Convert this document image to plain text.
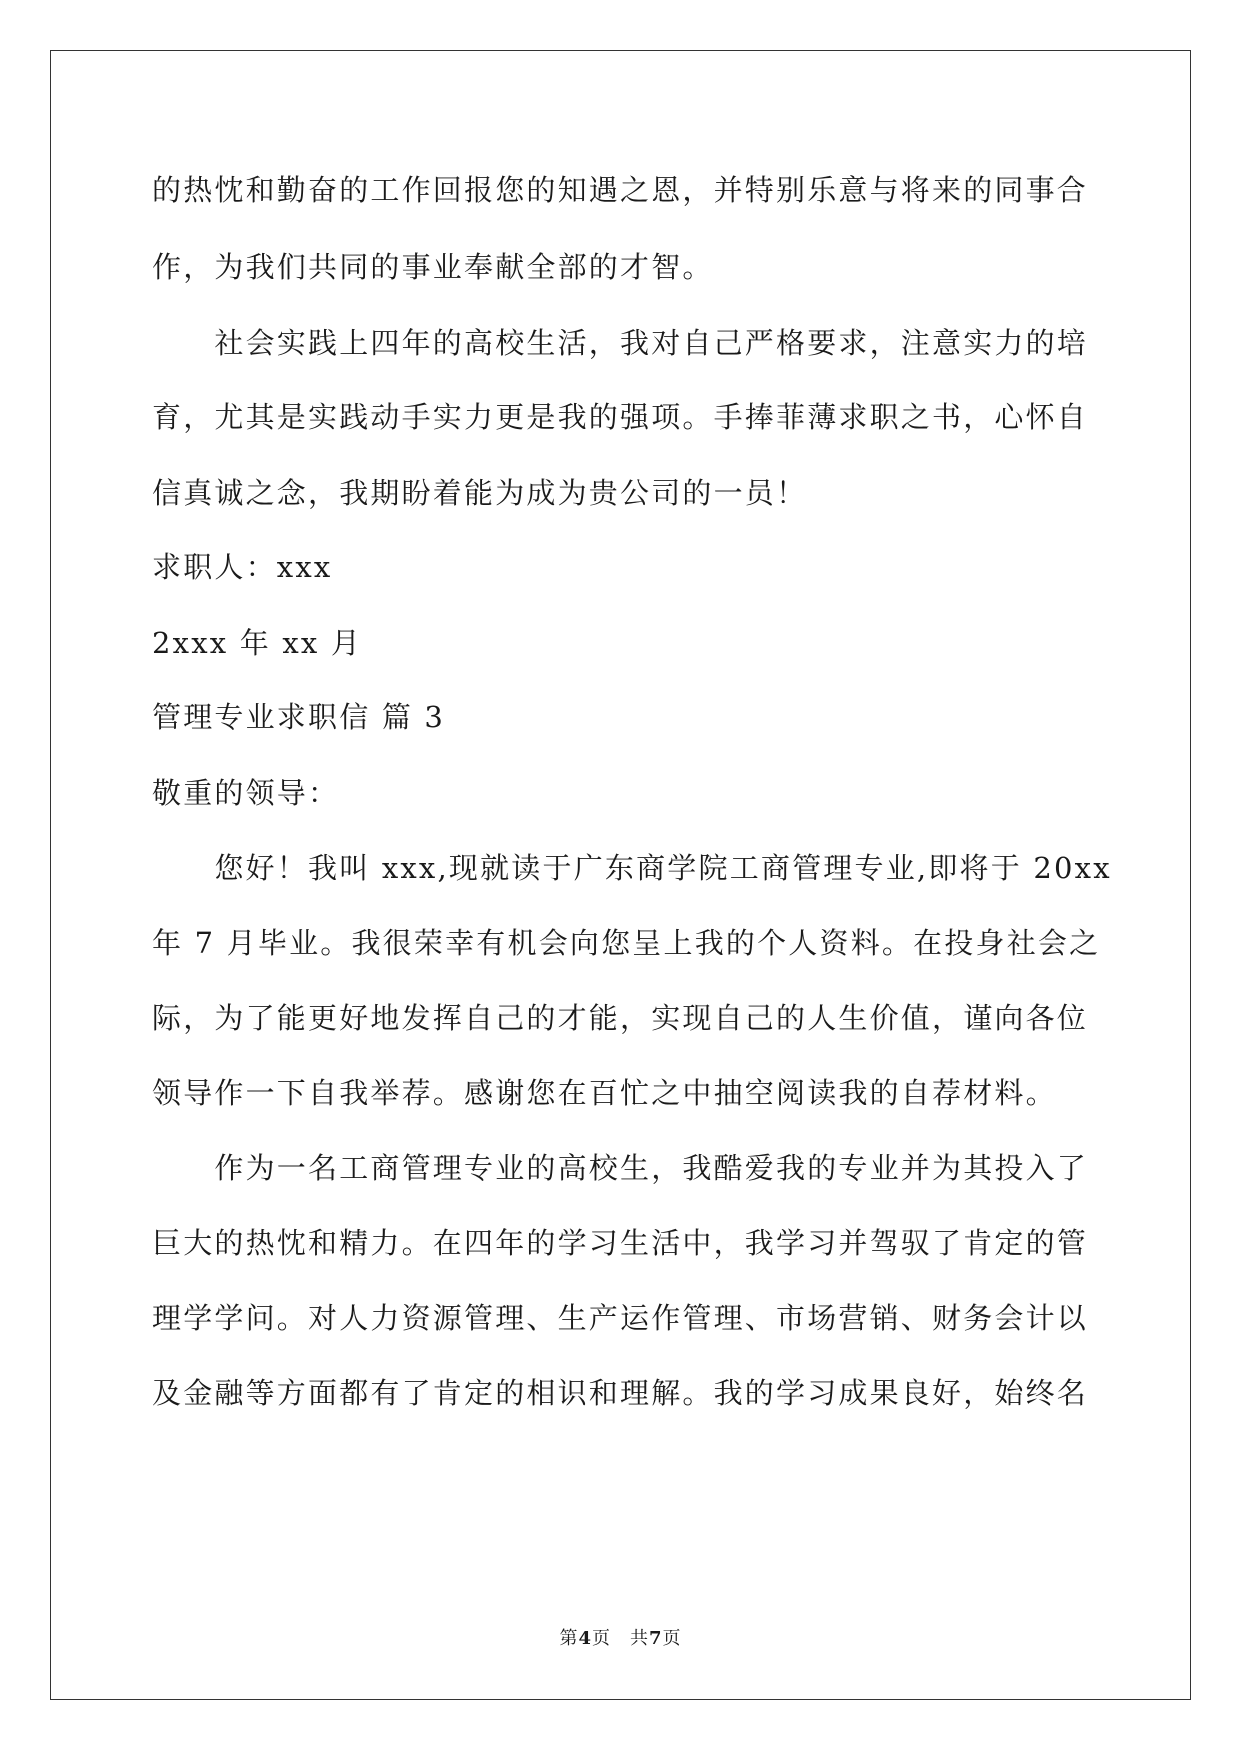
的热忱和勤奋的工作回报您的知遇之恩，并特别乐意与将来的同事合
作，为我们共同的事业奉献全部的才智。
　　社会实践上四年的高校生活，我对自己严格要求，注意实力的培
育，尤其是实践动手实力更是我的强项。手捧菲薄求职之书，心怀自
信真诚之念，我期盼着能为成为贵公司的一员！
求职人：xxx
2xxx 年 xx 月
管理专业求职信 篇 3
敬重的领导：
　　您好！我叫 xxx,现就读于广东商学院工商管理专业,即将于 20xx
年 7 月毕业。我很荣幸有机会向您呈上我的个人资料。在投身社会之
际，为了能更好地发挥自己的才能，实现自己的人生价值，谨向各位
领导作一下自我举荐。感谢您在百忙之中抽空阅读我的自荐材料。
　　作为一名工商管理专业的高校生，我酷爱我的专业并为其投入了
巨大的热忱和精力。在四年的学习生活中，我学习并驾驭了肯定的管
理学学问。对人力资源管理、生产运作管理、市场营销、财务会计以
及金融等方面都有了肯定的相识和理解。我的学习成果良好，始终名
第4页　共7页
